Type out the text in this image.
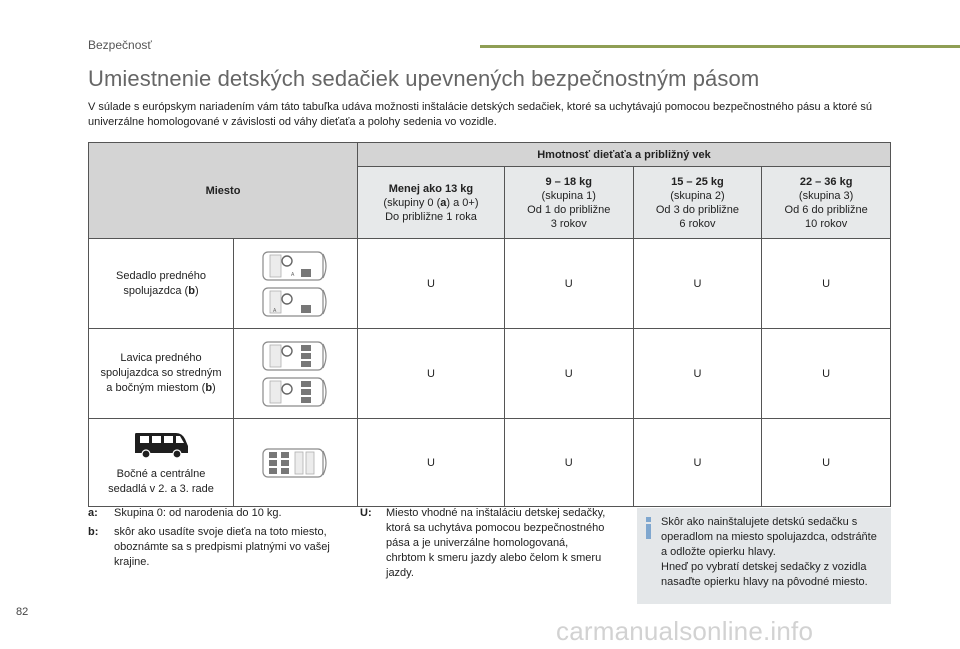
Bezpečnosť
Umiestnenie detských sedačiek upevnených bezpečnostným pásom

V súlade s európskym nariadením vám táto tabuľka udáva možnosti inštalácie detských sedačiek, ktoré sa uchytávajú pomocou bezpečnostného pásu a ktoré sú univerzálne homologované v závislosti od váhy dieťaťa a polohy sedenia vo vozidle.

Miesto		Hmotnosť dieťaťa a približný vek			
		Menej ako 13 kg
(skupiny 0 (a) a 0+)
Do približne 1 roka	9 – 18 kg
(skupina 1)
Od 1 do približne
3 rokov	15 – 25 kg
(skupina 2)
Od 3 do približne
6 rokov	22 – 36 kg
(skupina 3)
Od 6 do približne
10 rokov
Sedadlo predného
spolujazdca (b)	A
A	U	U	U	U
Lavica predného
spolujazdca so stredným
a bočným miestom (b)		U	U	U	U

Bočné a centrálne
sedadlá v 2. a 3. rade		U	U	U	U
a:	Skupina 0: od narodenia do 10 kg.
b:	skôr ako usadíte svoje dieťa na toto miesto, oboznámte sa s predpismi platnými vo vašej krajine.
U:	Miesto vhodné na inštaláciu detskej sedačky, ktorá sa uchytáva pomocou bezpečnostného pása a je univerzálne homologovaná, chrbtom k smeru jazdy alebo čelom k smeru jazdy.
Skôr ako nainštalujete detskú sedačku s operadlom na miesto spolujazdca, odstráňte a odložte opierku hlavy.
Hneď po vybratí detskej sedačky z vozidla nasaďte opierku hlavy na pôvodné miesto.
82
carmanualsonline.info
